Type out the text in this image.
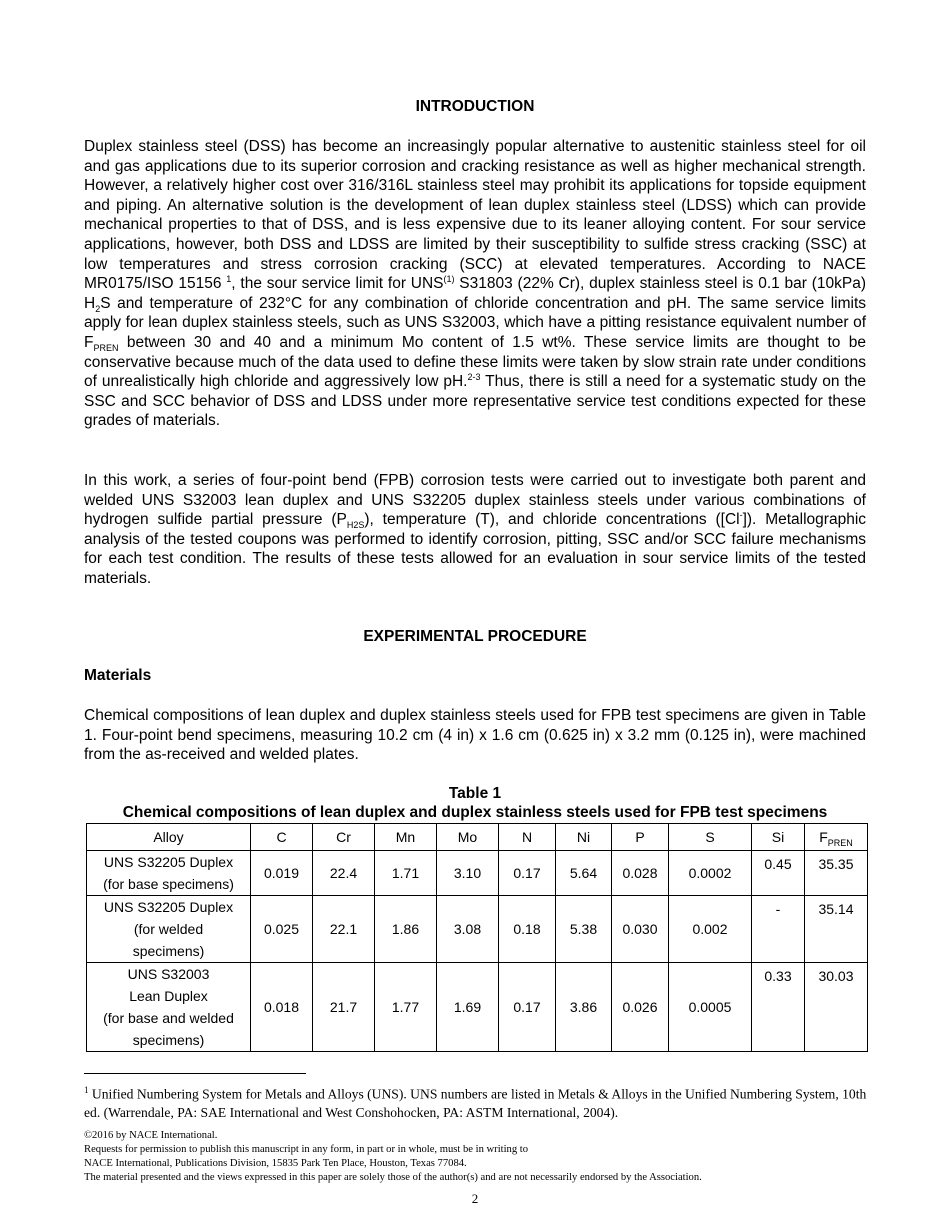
INTRODUCTION

Duplex stainless steel (DSS) has become an increasingly popular alternative to austenitic stainless steel for oil and gas applications due to its superior corrosion and cracking resistance as well as higher mechanical strength. However, a relatively higher cost over 316/316L stainless steel may prohibit its applications for topside equipment and piping. An alternative solution is the development of lean duplex stainless steel (LDSS) which can provide mechanical properties to that of DSS, and is less expensive due to its leaner alloying content. For sour service applications, however, both DSS and LDSS are limited by their susceptibility to sulfide stress cracking (SSC) at low temperatures and stress corrosion cracking (SCC) at elevated temperatures. According to NACE MR0175/ISO 15156 $^1$, the sour service limit for UNS$^{(1)}$ S31803 (22% Cr), duplex stainless steel is 0.1 bar (10kPa) $H_2S$ and temperature of 232°C for any combination of chloride concentration and pH. The same service limits apply for lean duplex stainless steels, such as UNS S32003, which have a pitting resistance equivalent number of $F_{PREN}$ between 30 and 40 and a minimum Mo content of 1.5 wt%. These service limits are thought to be conservative because much of the data used to define these limits were taken by slow strain rate under conditions of unrealistically high chloride and aggressively low pH.$^{2-3}$ Thus, there is still a need for a systematic study on the SSC and SCC behavior of DSS and LDSS under more representative service test conditions expected for these grades of materials.

In this work, a series of four-point bend (FPB) corrosion tests were carried out to investigate both parent and welded UNS S32003 lean duplex and UNS S32205 duplex stainless steels under various combinations of hydrogen sulfide partial pressure $(P_{H2S})$, temperature (T), and chloride concentrations ([Cl-]). Metallographic analysis of the tested coupons was performed to identify corrosion, pitting, SSC and/or SCC failure mechanisms for each test condition. The results of these tests allowed for an evaluation in sour service limits of the tested materials.

EXPERIMENTAL PROCEDURE
Materials

Chemical compositions of lean duplex and duplex stainless steels used for FPB test specimens are given in Table 1. Four-point bend specimens, measuring 10.2 cm (4 in) x 1.6 cm (0.625 in) x 3.2 mm (0.125 in), were machined from the as-received and welded plates.

Table 1
Chemical compositions of lean duplex and duplex stainless steels used for FPB test specimens
Alloy	C	Cr	Mn	Mo	N	Ni	P	S	Si	$F_{PREN}$

UNS S32205 Duplex
(for base specimens)	0.019	22.4	1.71	3.10	0.17	5.64	0.028	0.0002	0.45	35.35

UNS S32205 Duplex
(for welded
specimens)	0.025	22.1	1.86	3.08	0.18	5.38	0.030	0.002	-	35.14

UNS S32003
Lean Duplex
(for base and welded
specimens)	0.018	21.7	1.77	1.69	0.17	3.86	0.026	0.0005	0.33	30.03
$^1$ Unified Numbering System for Metals and Alloys (UNS). UNS numbers are listed in Metals & Alloys in the Unified Numbering System, 10th ed. (Warrendale, PA: SAE International and West Conshohocken, PA: ASTM International, 2004).
©2016 by NACE International.
Requests for permission to publish this manuscript in any form, in part or in whole, must be in writing to
NACE International, Publications Division, 15835 Park Ten Place, Houston, Texas 77084.
The material presented and the views expressed in this paper are solely those of the author(s) and are not necessarily endorsed by the Association.
2
